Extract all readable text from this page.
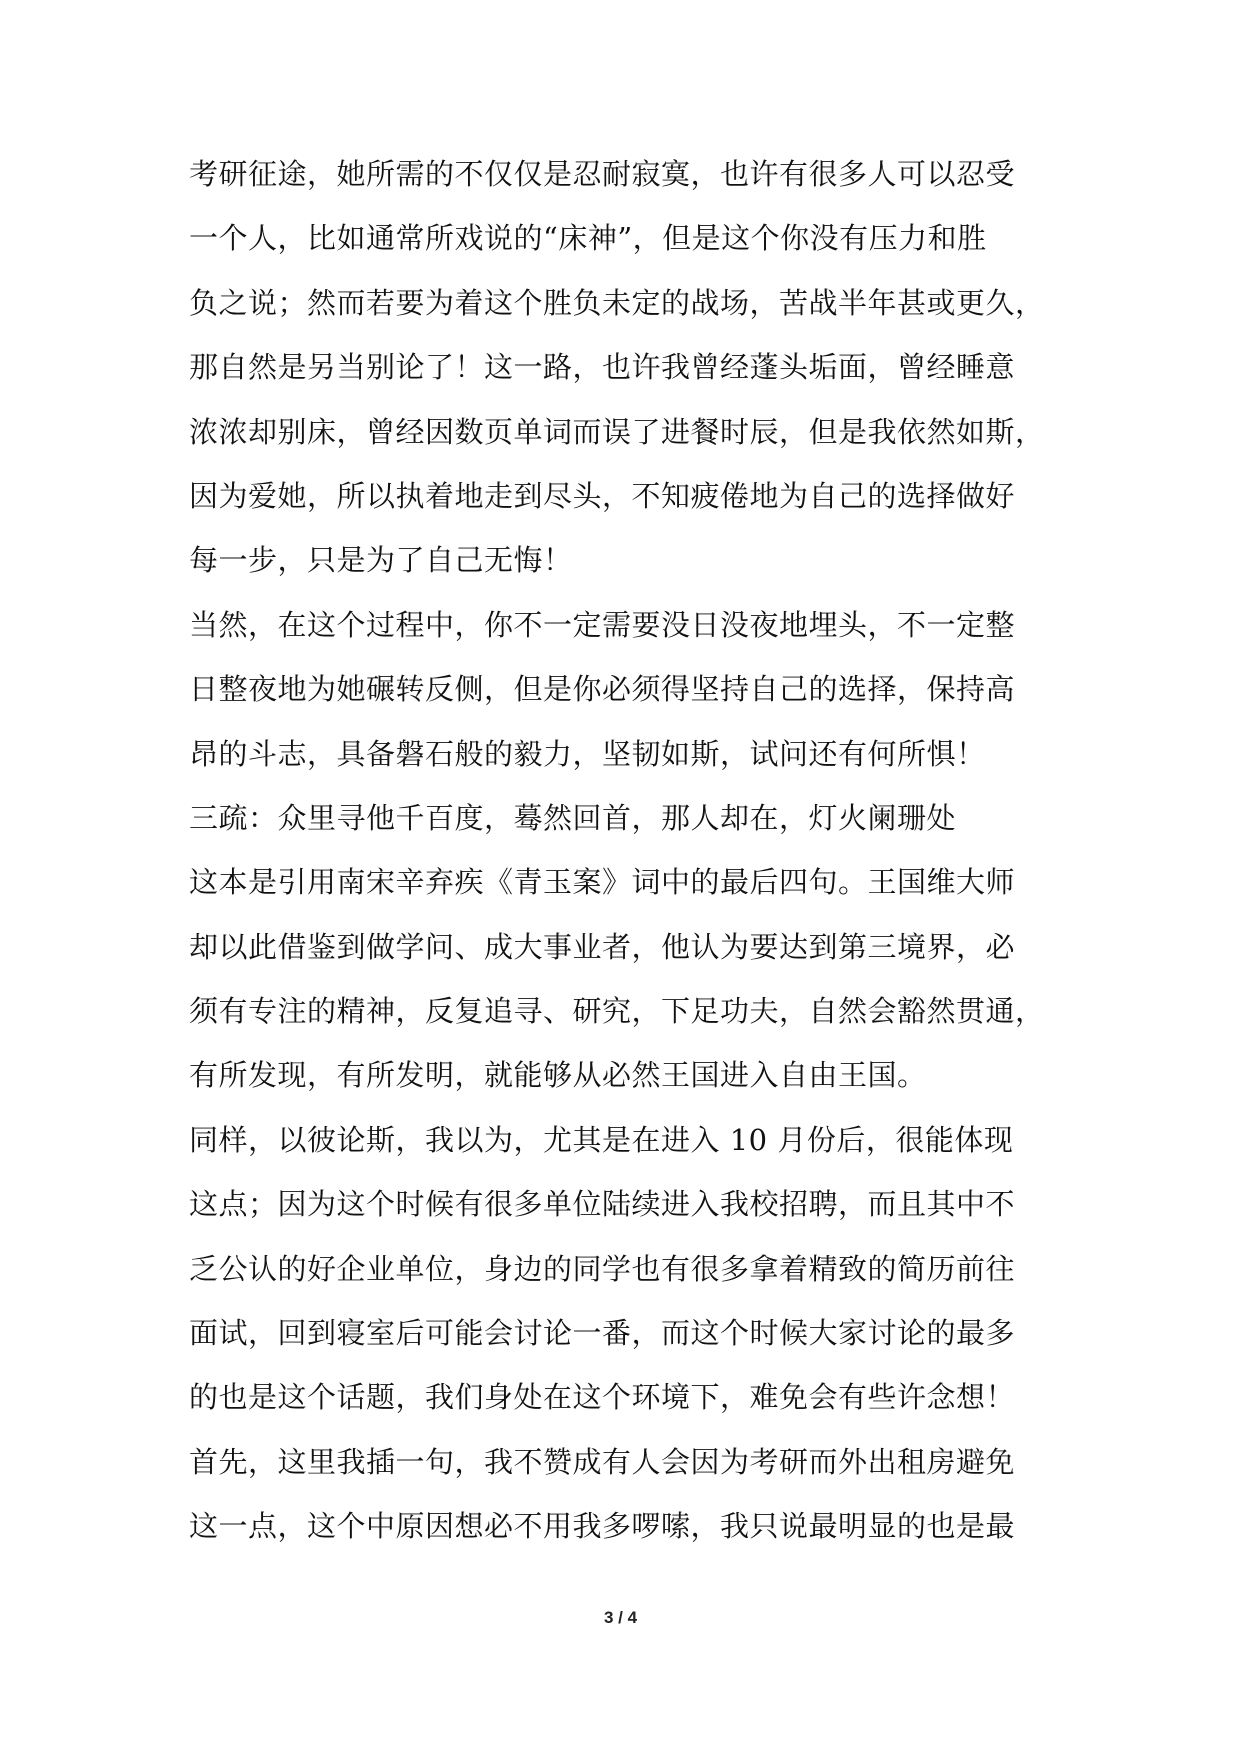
考研征途，她所需的不仅仅是忍耐寂寞，也许有很多人可以忍受
一个人，比如通常所戏说的“床神”，但是这个你没有压力和胜
负之说；然而若要为着这个胜负未定的战场，苦战半年甚或更久，
那自然是另当别论了！这一路，也许我曾经蓬头垢面，曾经睡意
浓浓却别床，曾经因数页单词而误了进餐时辰，但是我依然如斯，
因为爱她，所以执着地走到尽头，不知疲倦地为自己的选择做好
每一步，只是为了自己无悔！
当然，在这个过程中，你不一定需要没日没夜地埋头，不一定整
日整夜地为她碾转反侧，但是你必须得坚持自己的选择，保持高
昂的斗志，具备磐石般的毅力，坚韧如斯，试问还有何所惧！
三疏：众里寻他千百度，蓦然回首，那人却在，灯火阑珊处
这本是引用南宋辛弃疾《青玉案》词中的最后四句。王国维大师
却以此借鉴到做学问、成大事业者，他认为要达到第三境界，必
须有专注的精神，反复追寻、研究，下足功夫，自然会豁然贯通，
有所发现，有所发明，就能够从必然王国进入自由王国。
同样，以彼论斯，我以为，尤其是在进入 10 月份后，很能体现
这点；因为这个时候有很多单位陆续进入我校招聘，而且其中不
乏公认的好企业单位，身边的同学也有很多拿着精致的简历前往
面试，回到寝室后可能会讨论一番，而这个时候大家讨论的最多
的也是这个话题，我们身处在这个环境下，难免会有些许念想！
首先，这里我插一句，我不赞成有人会因为考研而外出租房避免
这一点，这个中原因想必不用我多啰嗦，我只说最明显的也是最
3 / 4
